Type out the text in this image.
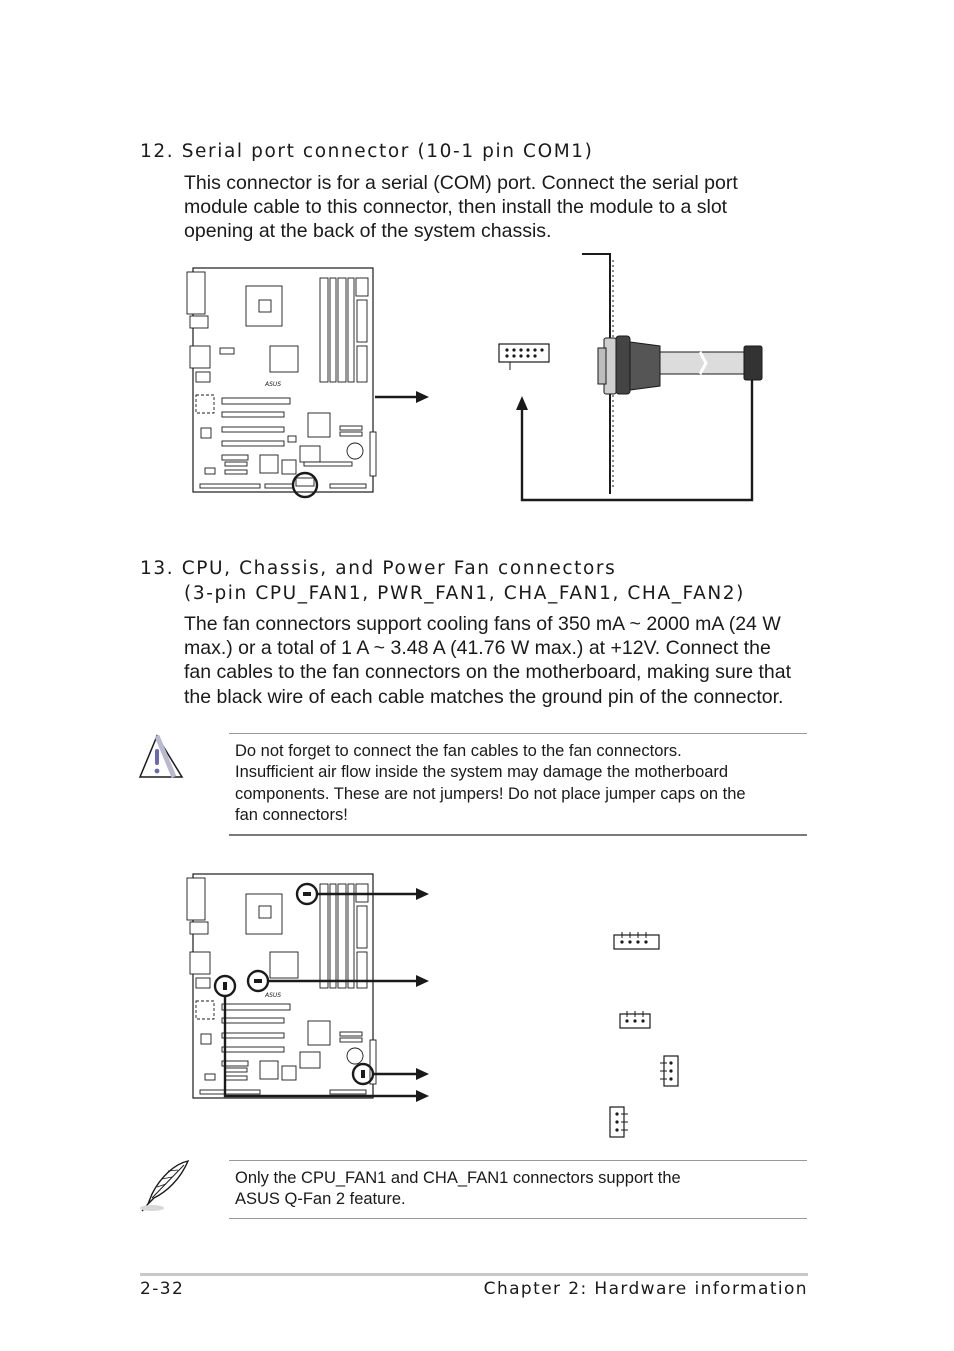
12. Serial port connector (10-1 pin COM1)
This connector is for a serial (COM) port. Connect the serial port
module cable to this connector, then install the module to a slot
opening at the back of the system chassis.
ASUS
13. CPU, Chassis, and Power Fan connectors
(3-pin CPU_FAN1, PWR_FAN1, CHA_FAN1, CHA_FAN2)
The fan connectors support cooling fans of 350 mA ~ 2000 mA (24 W
max.) or a total of 1 A ~ 3.48 A (41.76 W max.) at +12V. Connect the
fan cables to the fan connectors on the motherboard, making sure that
the black wire of each cable matches the ground pin of the connector.
Do not forget to connect the fan cables to the fan connectors.
Insufficient air flow inside the system may damage the motherboard
components. These are not jumpers! Do not place jumper caps on the
fan connectors!
ASUS
Only the CPU_FAN1 and CHA_FAN1 connectors support the
ASUS Q-Fan 2 feature.
2-32	Chapter 2: Hardware information
